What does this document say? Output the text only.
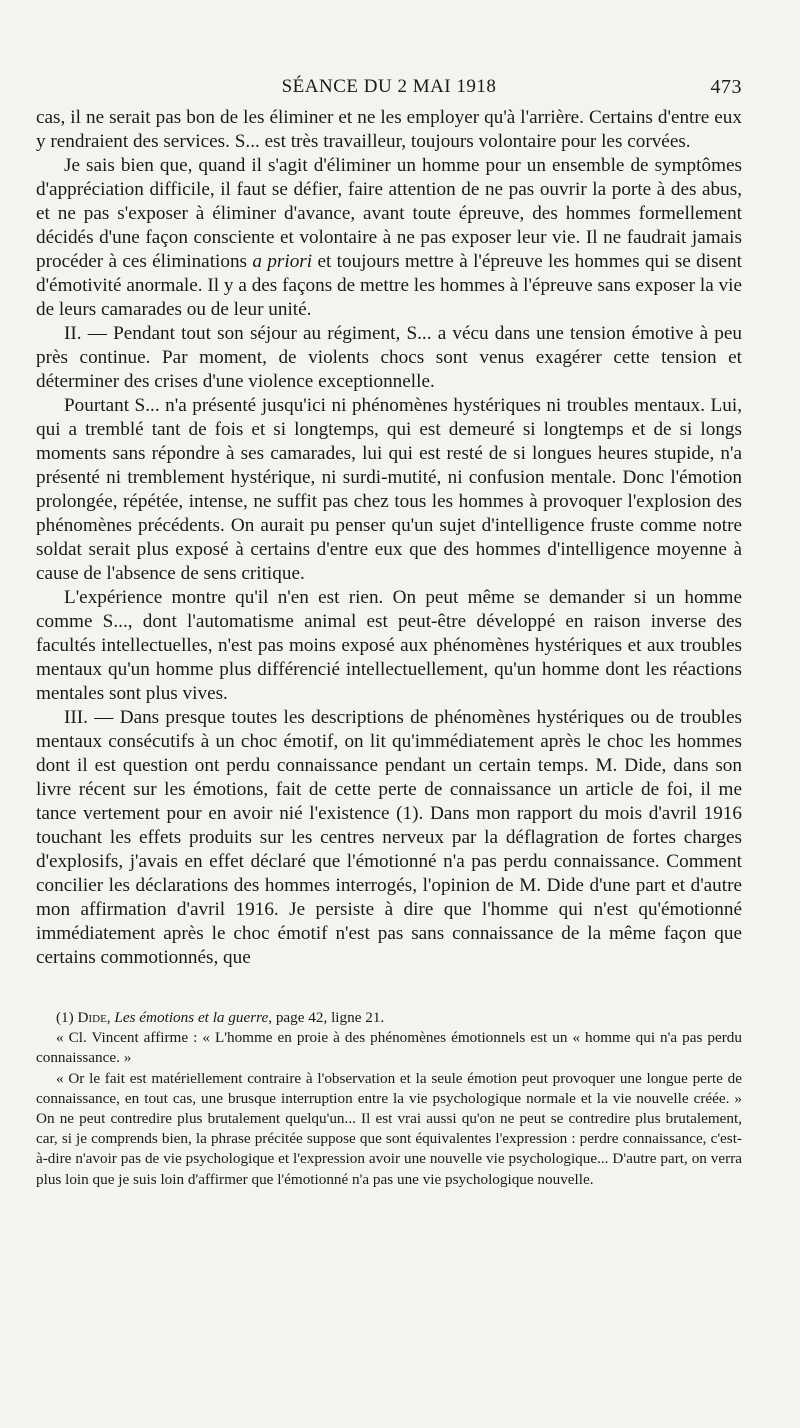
SÉANCE DU 2 MAI 1918	473

cas, il ne serait pas bon de les éliminer et ne les employer qu'à l'arrière. Certains d'entre eux y rendraient des services. S... est très travailleur, toujours volontaire pour les corvées.

Je sais bien que, quand il s'agit d'éliminer un homme pour un ensemble de symptômes d'appréciation difficile, il faut se défier, faire attention de ne pas ouvrir la porte à des abus, et ne pas s'exposer à éliminer d'avance, avant toute épreuve, des hommes formellement décidés d'une façon consciente et volontaire à ne pas exposer leur vie. Il ne faudrait jamais procéder à ces éliminations a priori et toujours mettre à l'épreuve les hommes qui se disent d'émotivité anormale. Il y a des façons de mettre les hommes à l'épreuve sans exposer la vie de leurs camarades ou de leur unité.

II. — Pendant tout son séjour au régiment, S... a vécu dans une tension émotive à peu près continue. Par moment, de violents chocs sont venus exagérer cette tension et déterminer des crises d'une violence exceptionnelle.

Pourtant S... n'a présenté jusqu'ici ni phénomènes hystériques ni troubles mentaux. Lui, qui a tremblé tant de fois et si longtemps, qui est demeuré si longtemps et de si longs moments sans répondre à ses camarades, lui qui est resté de si longues heures stupide, n'a présenté ni tremblement hystérique, ni surdi-mutité, ni confusion mentale. Donc l'émotion prolongée, répétée, intense, ne suffit pas chez tous les hommes à provoquer l'explosion des phénomènes précédents. On aurait pu penser qu'un sujet d'intelligence fruste comme notre soldat serait plus exposé à certains d'entre eux que des hommes d'intelligence moyenne à cause de l'absence de sens critique.

L'expérience montre qu'il n'en est rien. On peut même se demander si un homme comme S..., dont l'automatisme animal est peut-être développé en raison inverse des facultés intellectuelles, n'est pas moins exposé aux phénomènes hystériques et aux troubles mentaux qu'un homme plus différencié intellectuellement, qu'un homme dont les réactions mentales sont plus vives.

III. — Dans presque toutes les descriptions de phénomènes hystériques ou de troubles mentaux consécutifs à un choc émotif, on lit qu'immédiatement après le choc les hommes dont il est question ont perdu connaissance pendant un certain temps. M. Dide, dans son livre récent sur les émotions, fait de cette perte de connaissance un article de foi, il me tance vertement pour en avoir nié l'existence (1). Dans mon rapport du mois d'avril 1916 touchant les effets produits sur les centres nerveux par la déflagration de fortes charges d'explosifs, j'avais en effet déclaré que l'émotionné n'a pas perdu connaissance. Comment concilier les déclarations des hommes interrogés, l'opinion de M. Dide d'une part et d'autre mon affirmation d'avril 1916. Je persiste à dire que l'homme qui n'est qu'émotionné immédiatement après le choc émotif n'est pas sans connaissance de la même façon que certains commotionnés, que

(1) Dide, Les émotions et la guerre, page 42, ligne 21.

« Cl. Vincent affirme : « L'homme en proie à des phénomènes émotionnels est un « homme qui n'a pas perdu connaissance. »

« Or le fait est matériellement contraire à l'observation et la seule émotion peut provoquer une longue perte de connaissance, en tout cas, une brusque interruption entre la vie psychologique normale et la vie nouvelle créée. » On ne peut contredire plus brutalement quelqu'un... Il est vrai aussi qu'on ne peut se contredire plus brutalement, car, si je comprends bien, la phrase précitée suppose que sont équivalentes l'expression : perdre connaissance, c'est-à-dire n'avoir pas de vie psychologique et l'expression avoir une nouvelle vie psychologique... D'autre part, on verra plus loin que je suis loin d'affirmer que l'émotionné n'a pas une vie psychologique nouvelle.
